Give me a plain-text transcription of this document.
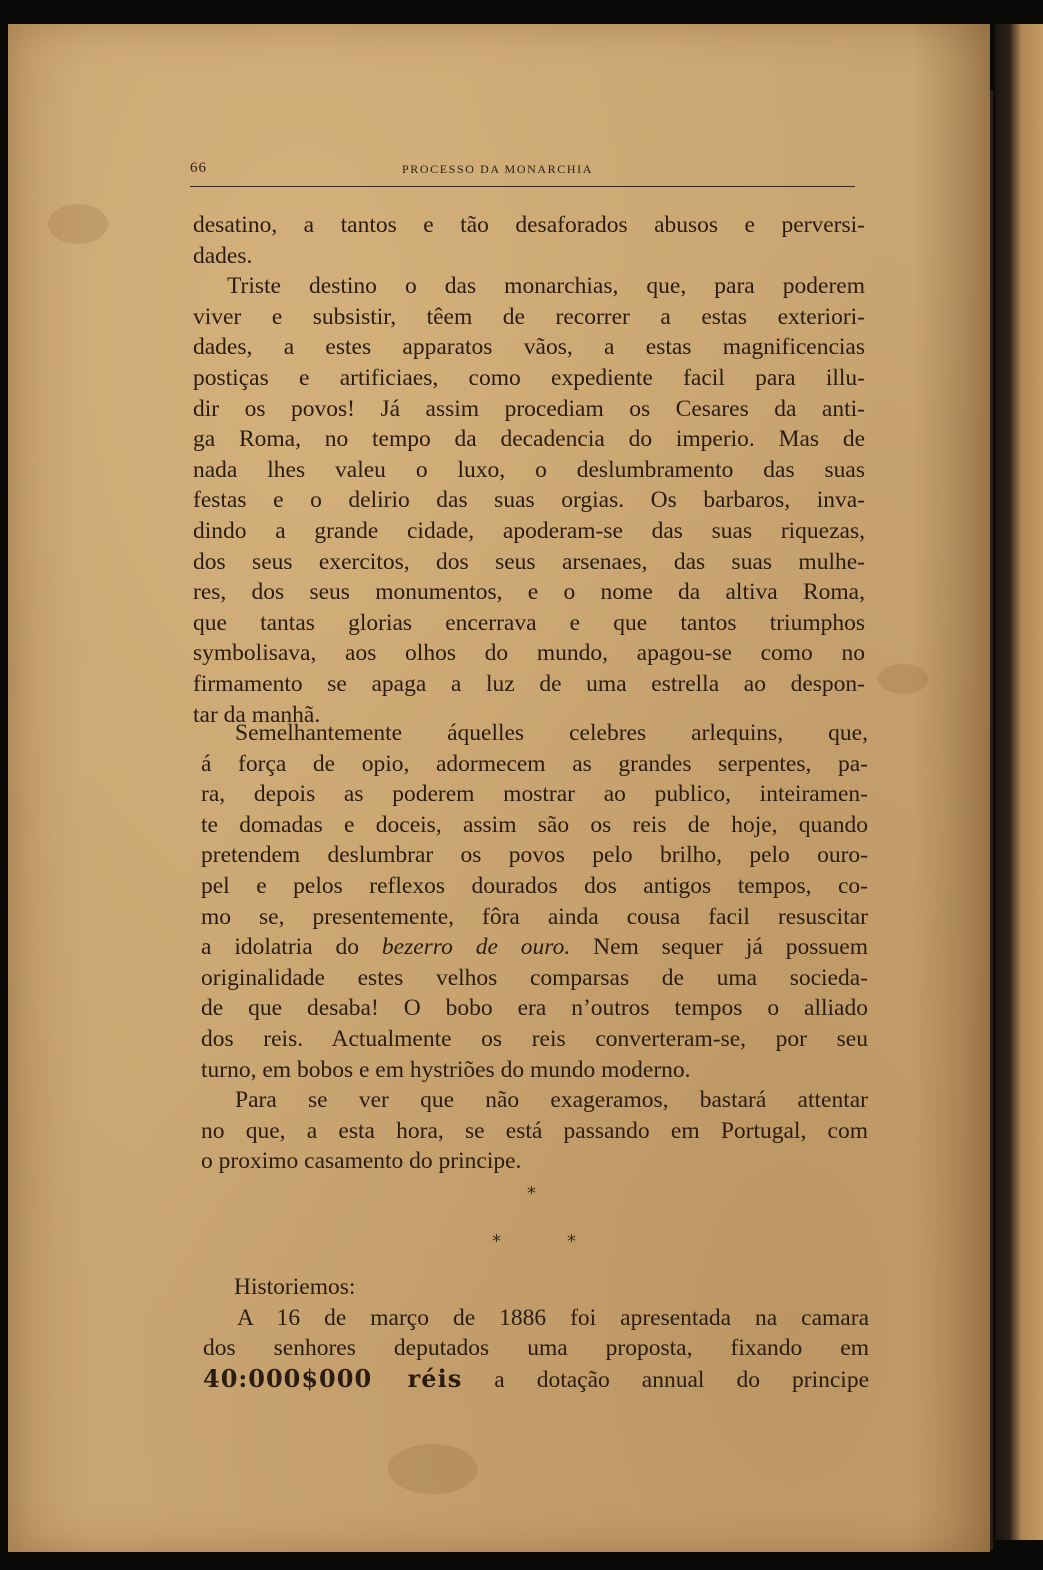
66	PROCESSO DA MONARCHIA
desatino, a tantos e tão desaforados abusos e perversi-
dades.
Triste destino o das monarchias, que, para poderem
viver e subsistir, têem de recorrer a estas exteriori-
dades, a estes apparatos vãos, a estas magnificencias
postiças e artificiaes, como expediente facil para illu-
dir os povos! Já assim procediam os Cesares da anti-
ga Roma, no tempo da decadencia do imperio. Mas de
nada lhes valeu o luxo, o deslumbramento das suas
festas e o delirio das suas orgias. Os barbaros, inva-
dindo a grande cidade, apoderam-se das suas riquezas,
dos seus exercitos, dos seus arsenaes, das suas mulhe-
res, dos seus monumentos, e o nome da altiva Roma,
que tantas glorias encerrava e que tantos triumphos
symbolisava, aos olhos do mundo, apagou-se como no
firmamento se apaga a luz de uma estrella ao despon-
tar da manhã.
Semelhantemente áquelles celebres arlequins, que,
á força de opio, adormecem as grandes serpentes, pa-
ra, depois as poderem mostrar ao publico, inteiramen-
te domadas e doceis, assim são os reis de hoje, quando
pretendem deslumbrar os povos pelo brilho, pelo ouro-
pel e pelos reflexos dourados dos antigos tempos, co-
mo se, presentemente, fôra ainda cousa facil resuscitar
a idolatria do bezerro de ouro. Nem sequer já possuem
originalidade estes velhos comparsas de uma socieda-
de que desaba! O bobo era n’outros tempos o alliado
dos reis. Actualmente os reis converteram-se, por seu
turno, em bobos e em hystriões do mundo moderno.
Para se ver que não exageramos, bastará attentar
no que, a esta hora, se está passando em Portugal, com
o proximo casamento do principe.
*
*	*
Historiemos:
A 16 de março de 1886 foi apresentada na camara
dos senhores deputados uma proposta, fixando em
40:000$000 réis a dotação annual do principe
